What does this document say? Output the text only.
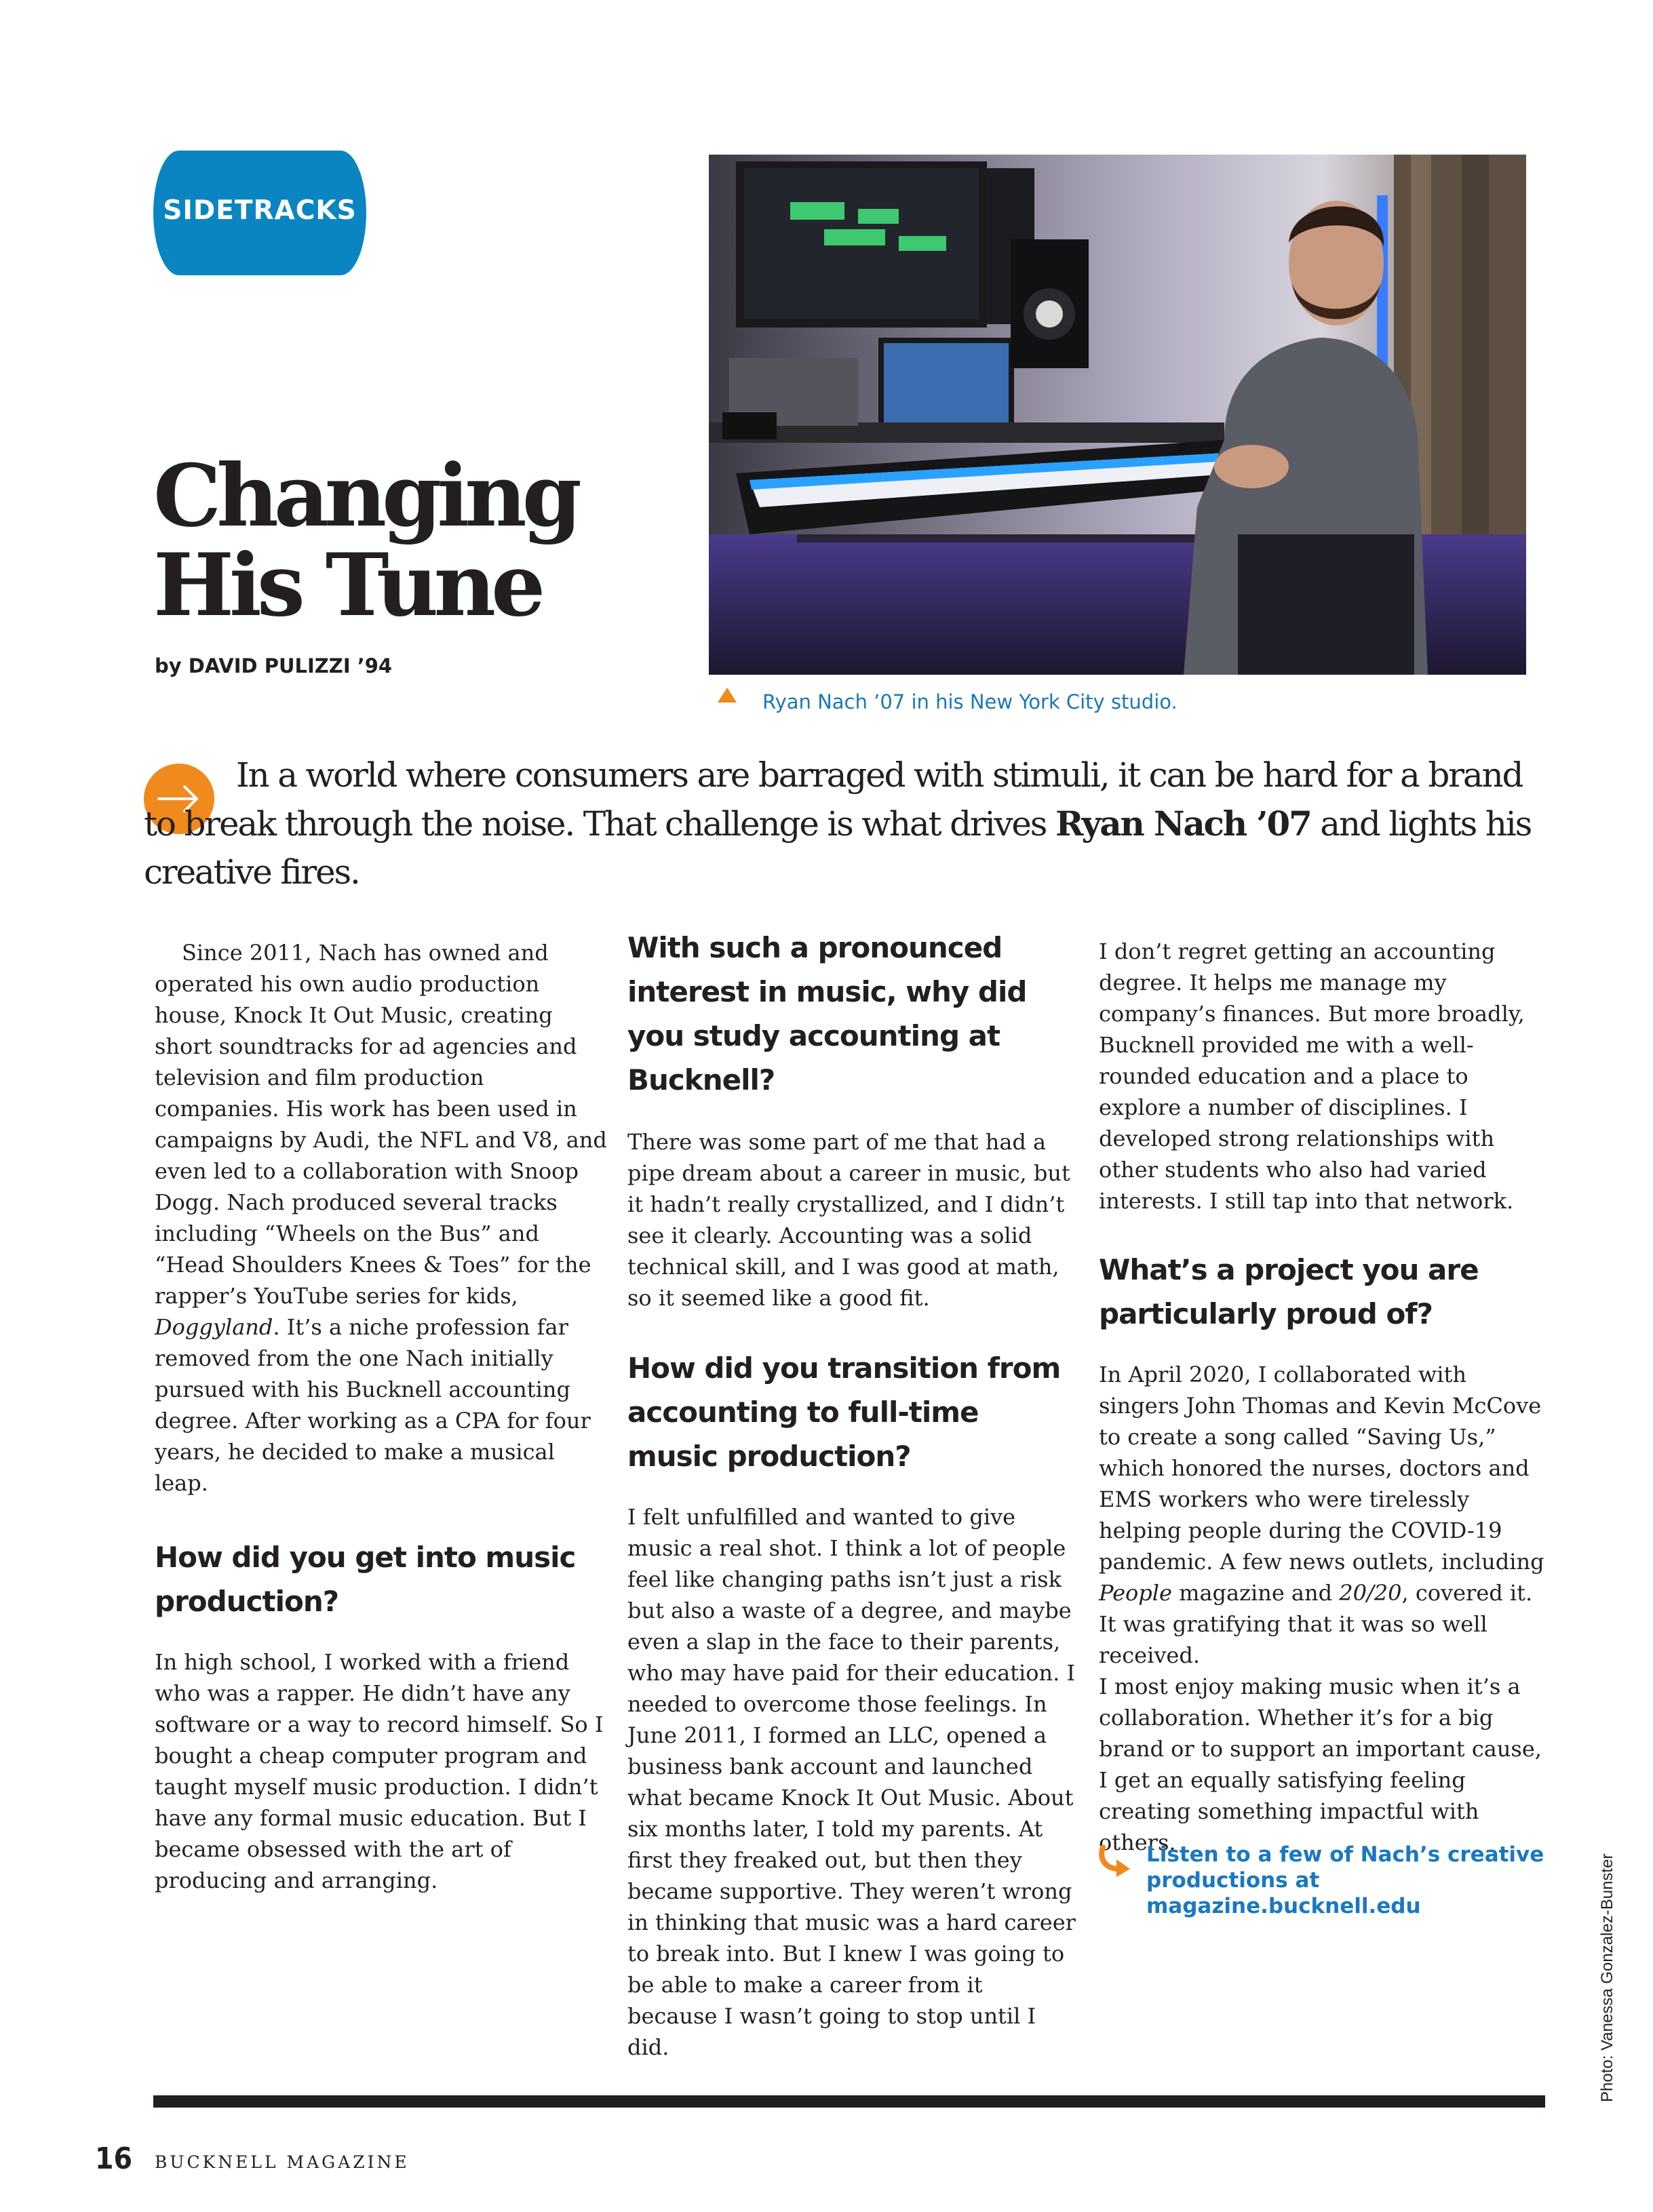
SIDETRACKS
Ryan Nach ’07 in his New York City studio.
Changing
His Tune
by DAVID PULIZZI ’94
In a world where consumers are barraged with stimuli, it can be hard for a brand to break through the noise. That challenge is what drives Ryan Nach ’07 and lights his creative fires.

Since 2011, Nach has owned and operated his own audio production house, Knock It Out Music, creating short soundtracks for ad agencies and television and film production companies. His work has been used in campaigns by Audi, the NFL and V8, and even led to a collaboration with Snoop Dogg. Nach produced several tracks including “Wheels on the Bus” and “Head Shoulders Knees & Toes” for the rapper’s YouTube series for kids, Doggyland. It’s a niche profession far removed from the one Nach initially pursued with his Bucknell accounting degree. After working as a CPA for four years, he decided to make a musical leap.

How did you get into music production?

In high school, I worked with a friend who was a rapper. He didn’t have any software or a way to record himself. So I bought a cheap computer program and taught myself music production. I didn’t have any formal music education. But I became obsessed with the art of producing and arranging.

With such a pronounced interest in music, why did you study accounting at Bucknell?

There was some part of me that had a pipe dream about a career in music, but it hadn’t really crystallized, and I didn’t see it clearly. Accounting was a solid technical skill, and I was good at math, so it seemed like a good fit.

How did you transition from accounting to full-time music production?

I felt unfulfilled and wanted to give music a real shot. I think a lot of people feel like changing paths isn’t just a risk but also a waste of a degree, and maybe even a slap in the face to their parents, who may have paid for their education. I needed to overcome those feelings. In June 2011, I formed an LLC, opened a business bank account and launched what became Knock It Out Music. About six months later, I told my parents. At first they freaked out, but then they became supportive. They weren’t wrong in thinking that music was a hard career to break into. But I knew I was going to be able to make a career from it because I wasn’t going to stop until I did.

I don’t regret getting an accounting degree. It helps me manage my company’s finances. But more broadly, Bucknell provided me with a well-rounded education and a place to explore a number of disciplines. I developed strong relationships with other students who also had varied interests. I still tap into that network.

What’s a project you are particularly proud of?

In April 2020, I collaborated with singers John Thomas and Kevin McCove to create a song called “Saving Us,” which honored the nurses, doctors and EMS workers who were tirelessly helping people during the COVID-19 pandemic. A few news outlets, including People magazine and 20/20, covered it. It was gratifying that it was so well received.

I most enjoy making music when it’s a collaboration. Whether it’s for a big brand or to support an important cause, I get an equally satisfying feeling creating something impactful with others.

Listen to a few of Nach’s creative productions at magazine.bucknell.edu	Photo: Vanessa Gonzalez-Bunster
16 BUCKNELL MAGAZINE
